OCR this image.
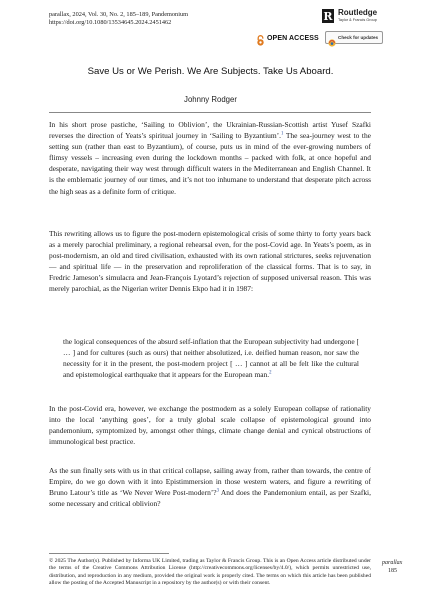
parallax, 2024, Vol. 30, No. 2, 185–189, Pandemonium
https://doi.org/10.1080/13534645.2024.2451462	R Routledge
Taylor & Francis Group
OPEN ACCESS	Check for updates
Save Us or We Perish. We Are Subjects. Take Us Aboard.
Johnny Rodger

In his short prose pastiche, ‘Sailing to Oblivion’, the Ukrainian-Russian-Scottish artist Yusef Szafki reverses the direction of Yeats’s spiritual journey in ‘Sailing to Byzantium’.$^1$ The sea-journey west to the setting sun (rather than east to Byzantium), of course, puts us in mind of the ever-growing numbers of flimsy vessels – increasing even during the lockdown months – packed with folk, at once hopeful and desperate, navigating their way west through difficult waters in the Mediterranean and English Channel. It is the emblematic journey of our times, and it’s not too inhumane to understand that desperate pitch across the high seas as a definite form of critique.

This rewriting allows us to figure the post-modern epistemological crisis of some thirty to forty years back as a merely parochial preliminary, a regional rehearsal even, for the post-Covid age. In Yeats’s poem, as in post-modernism, an old and tired civilisation, exhausted with its own rational strictures, seeks rejuvenation — and spiritual life — in the preservation and reproliferation of the classical forms. That is to say, in Fredric Jameson’s simulacra and Jean-François Lyotard’s rejection of supposed universal reason. This was merely parochial, as the Nigerian writer Dennis Ekpo had it in 1987:

the logical consequences of the absurd self-inflation that the European subjectivity had undergone [ … ] and for cultures (such as ours) that neither absolutized, i.e. deified human reason, nor saw the necessity for it in the present, the post-modern project [ … ] cannot at all be felt like the cultural and epistemological earthquake that it appears for the European man.$^2$

In the post-Covid era, however, we exchange the postmodern as a solely European collapse of rationality into the local ‘anything goes’, for a truly global scale collapse of epistemological ground into pandemonium, symptomized by, amongst other things, climate change denial and cynical obstructions of immunological best practice.

As the sun finally sets with us in that critical collapse, sailing away from, rather than towards, the centre of Empire, do we go down with it into Epistimmersion in those western waters, and figure a rewriting of Bruno Latour’s title as ‘We Never Were Post-modern’?$^3$ And does the Pandemonium entail, as per Szafki, some necessary and critical oblivion?

© 2025 The Author(s). Published by Informa UK Limited, trading as Taylor & Francis Group. This is an Open Access article distributed under the terms of the Creative Commons Attribution License (http://creativecommons.org/licenses/by/4.0/), which permits unrestricted use, distribution, and reproduction in any medium, provided the original work is properly cited. The terms on which this article has been published allow the posting of the Accepted Manuscript in a repository by the author(s) or with their consent.
parallax
185
